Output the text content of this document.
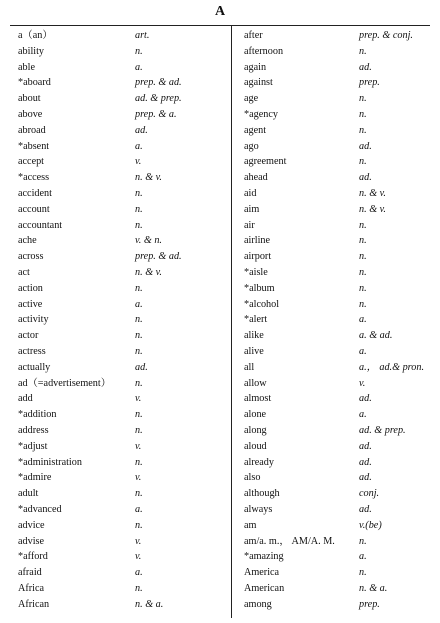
A
a（an）	art.
ability	n.
able	a.
*aboard	prep. & ad.
about	ad. & prep.
above	prep. & a.
abroad	ad.
*absent	a.
accept	v.
*access	n. & v.
accident	n.
account	n.
accountant	n.
ache	v. & n.
across	prep. & ad.
act	n. & v.
action	n.
active	a.
activity	n.
actor	n.
actress	n.
actually	ad.
ad（=advertisement） n.
add	v.
*addition	n.
address	n.
*adjust	v.
*administration	n.
*admire	v.
adult	n.
*advanced	a.
advice	n.
advise	v.
*afford	v.
afraid	a.
Africa	n.
African	n. & a.
after	prep. & conj.
afternoon	n.
again	ad.
against	prep.
age	n.
*agency	n.
agent	n.
ago	ad.
agreement	n.
ahead	ad.
aid	n. & v.
aim	n. & v.
air	n.
airline	n.
airport	n.
*aisle	n.
*album	n.
*alcohol	n.
*alert	a.
alike	a. & ad.
alive	a.
all	a.， ad.& pron.
allow	v.
almost	ad.
alone	a.
along	ad. & prep.
aloud	ad.
already	ad.
also	ad.
although	conj.
always	ad.
am	v.(be)
am/a. m.， AM/A. M. n.
*amazing	a.
America	n.
American	n. & a.
among	prep.
